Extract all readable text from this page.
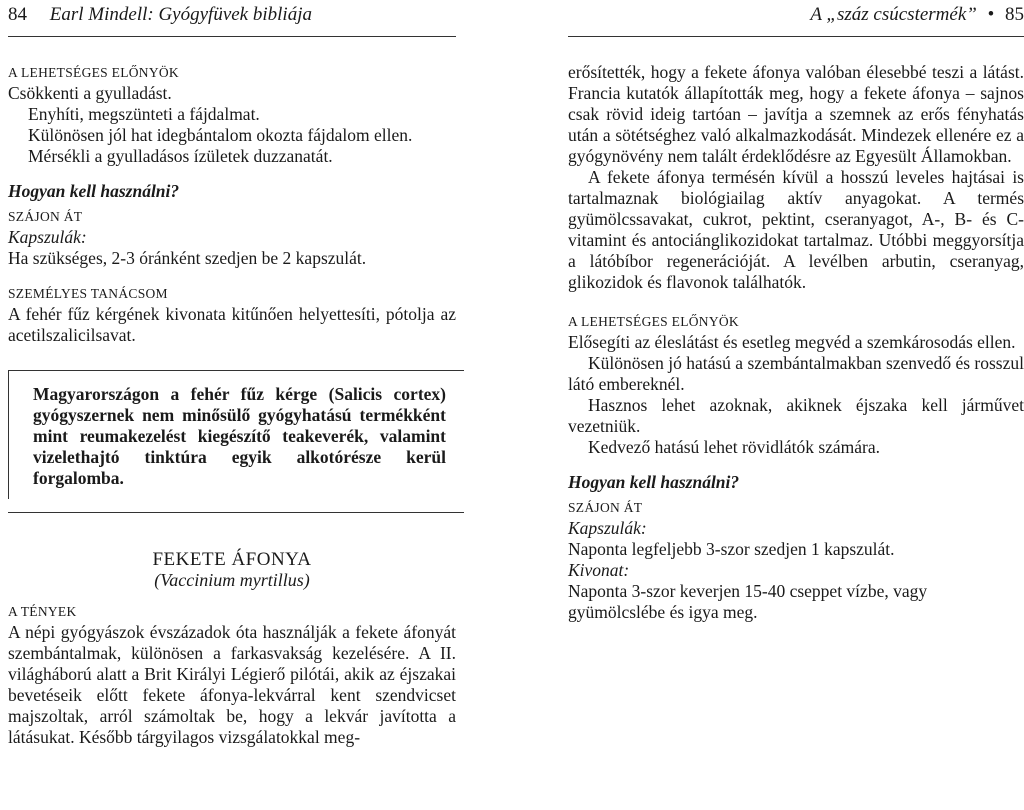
84 Earl Mindell: Gyógyfüvek bibliája

A LEHETSÉGES ELŐNYÖK

Csökkenti a gyulladást.

Enyhíti, megszünteti a fájdalmat.

Különösen jól hat idegbántalom okozta fájdalom ellen.

Mérsékli a gyulladásos ízületek duzzanatát.

Hogyan kell használni?

SZÁJON ÁT

Kapszulák:

Ha szükséges, 2-3 óránként szedjen be 2 kapszulát.

SZEMÉLYES TANÁCSOM

A fehér fűz kérgének kivonata kitűnően helyettesíti, pótolja az acetilszalicilsavat.

Magyarországon a fehér fűz kérge (Salicis cortex) gyógyszernek nem minősülő gyógyhatású termékként mint reumakezelést kiegészítő teakeverék, valamint vizelethajtó tinktúra egyik alkotórésze kerül forgalomba.

FEKETE ÁFONYA

(Vaccinium myrtillus)

A TÉNYEK

A népi gyógyászok évszázadok óta használják a fekete áfonyát szembántalmak, különösen a farkasvakság kezelésére. A II. világháború alatt a Brit Királyi Légierő pilótái, akik az éjszakai bevetéseik előtt fekete áfonya-lekvárral kent szendvicset majszoltak, arról számoltak be, hogy a lekvár javította a látásukat. Később tárgyilagos vizsgálatokkal meg-

A „száz csúcstermék” • 85

erősítették, hogy a fekete áfonya valóban élesebbé teszi a látást. Francia kutatók állapították meg, hogy a fekete áfonya – sajnos csak rövid ideig tartóan – javítja a szemnek az erős fényhatás után a sötétséghez való alkalmazkodását. Mindezek ellenére ez a gyógynövény nem talált érdeklődésre az Egyesült Államokban.

A fekete áfonya termésén kívül a hosszú leveles hajtásai is tartalmaznak biológiailag aktív anyagokat. A termés gyümölcssavakat, cukrot, pektint, cseranyagot, A-, B- és C-vitamint és antociánglikozidokat tartalmaz. Utóbbi meggyorsítja a látóbíbor regenerációját. A levélben arbutin, cseranyag, glikozidok és flavonok találhatók.

A LEHETSÉGES ELŐNYÖK

Elősegíti az éleslátást és esetleg megvéd a szemkárosodás ellen.

Különösen jó hatású a szembántalmakban szenvedő és rosszul látó embereknél.

Hasznos lehet azoknak, akiknek éjszaka kell járművet vezetniük.

Kedvező hatású lehet rövidlátók számára.

Hogyan kell használni?

SZÁJON ÁT

Kapszulák:

Naponta legfeljebb 3-szor szedjen 1 kapszulát.

Kivonat:

Naponta 3-szor keverjen 15-40 cseppet vízbe, vagy gyümölcslébe és igya meg.
